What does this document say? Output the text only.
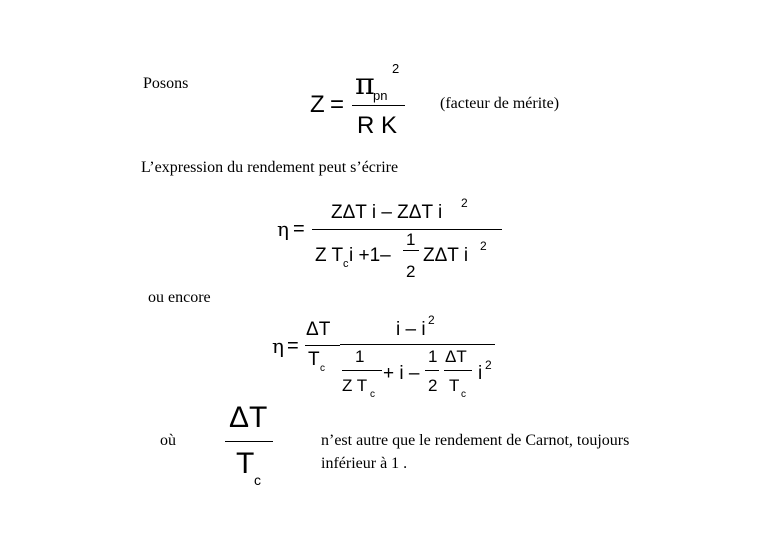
Posons
(facteur de mérite)
L’expression du rendement peut s’écrire
ou encore
où	n’est autre que le rendement de Carnot, toujours
inférieur à 1 .
Z =
π
pn
2
R K
η =
ZΔT i – ZΔT i 2
Z T c i +1–
1
2
ZΔT i 2
η =
ΔT
T c
i – i 2
1
Z T c
+ i –
1
2
ΔT
T c
i 2
ΔT
T c
